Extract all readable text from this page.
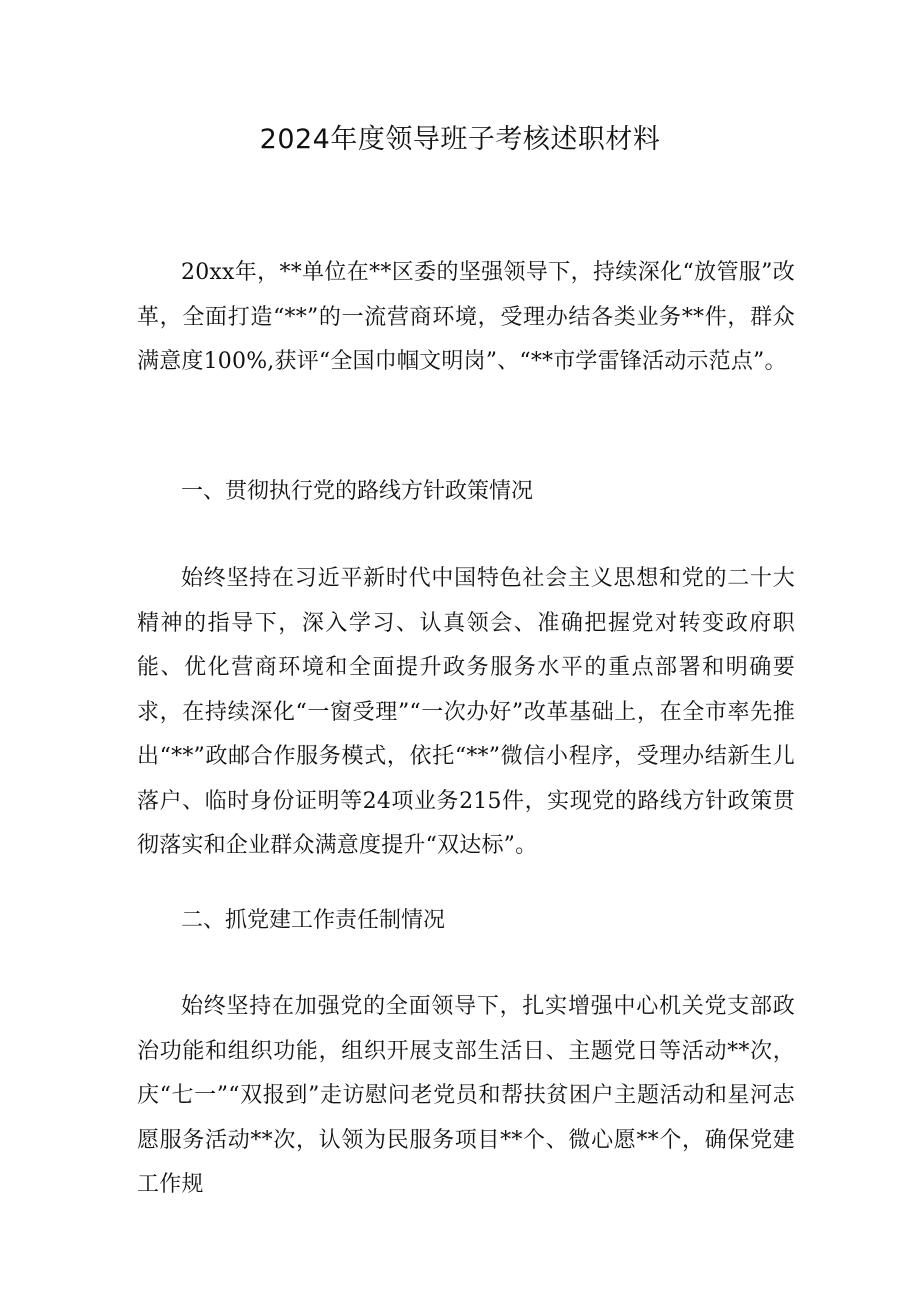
2024年度领导班子考核述职材料

20xx年，**单位在**区委的坚强领导下，持续深化“放管服”改革，全面打造“**”的一流营商环境，受理办结各类业务**件，群众满意度100%,获评“全国巾帼文明岗”、“**市学雷锋活动示范点”。

一、贯彻执行党的路线方针政策情况

始终坚持在习近平新时代中国特色社会主义思想和党的二十大精神的指导下，深入学习、认真领会、准确把握党对转变政府职能、优化营商环境和全面提升政务服务水平的重点部署和明确要求，在持续深化“一窗受理”“一次办好”改革基础上，在全市率先推出“**”政邮合作服务模式，依托“**”微信小程序，受理办结新生儿落户、临时身份证明等24项业务215件，实现党的路线方针政策贯彻落实和企业群众满意度提升“双达标”。

二、抓党建工作责任制情况

始终坚持在加强党的全面领导下，扎实增强中心机关党支部政治功能和组织功能，组织开展支部生活日、主题党日等活动**次，庆“七一”“双报到”走访慰问老党员和帮扶贫困户主题活动和星河志愿服务活动**次，认领为民服务项目**个、微心愿**个，确保党建工作规
